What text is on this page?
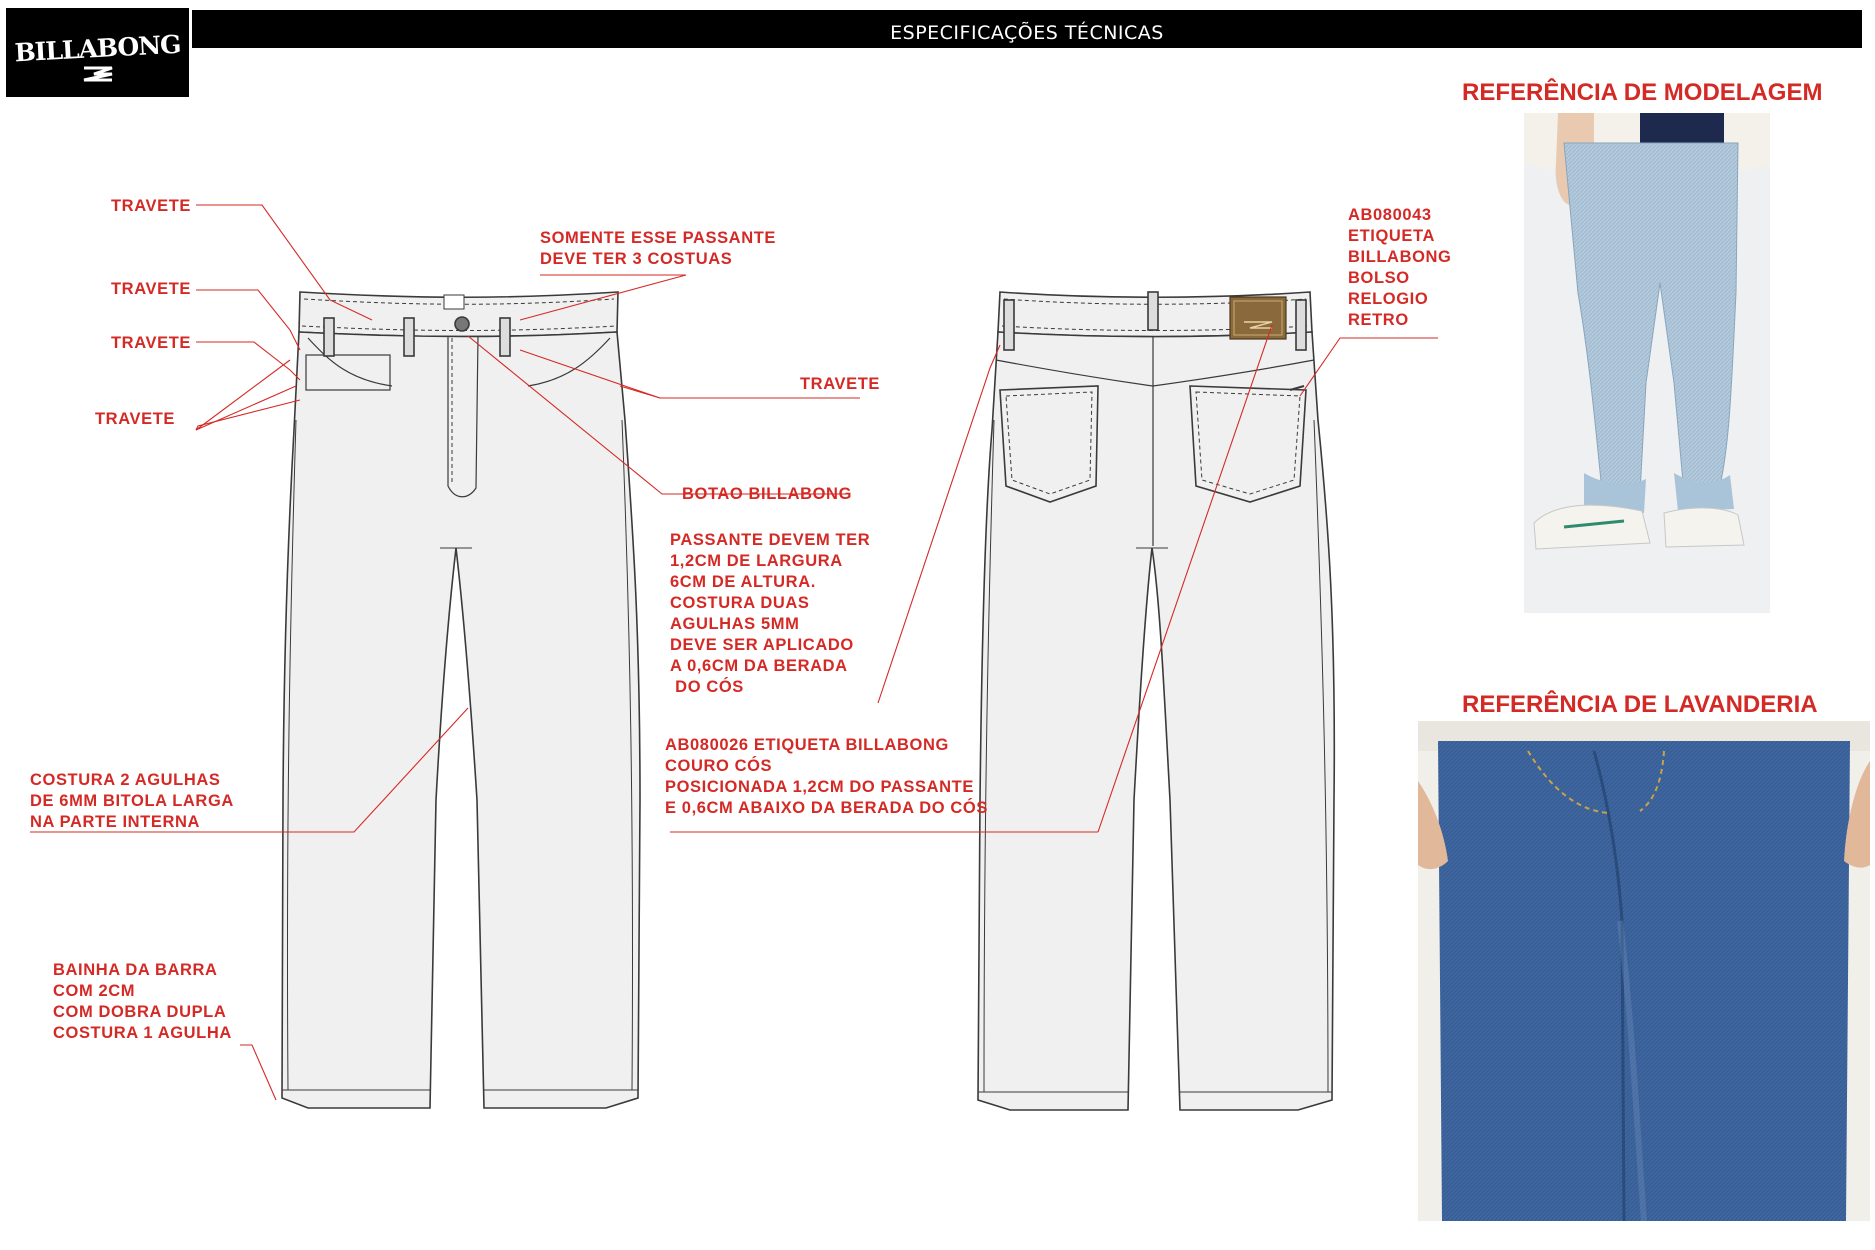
BILLABONG	ESPECIFICAÇÕES TÉCNICAS
TRAVETE
TRAVETE
TRAVETE
TRAVETE
SOMENTE ESSE PASSANTE
DEVE TER 3 COSTUAS
TRAVETE
BOTAO BILLABONG
PASSANTE DEVEM TER
1,2CM DE LARGURA
6CM DE ALTURA.
COSTURA DUAS
AGULHAS 5MM
DEVE SER APLICADO
A 0,6CM DA BERADA
DO CÓS
AB080043
ETIQUETA
BILLABONG
BOLSO
RELOGIO
RETRO
AB080026 ETIQUETA BILLABONG
COURO CÓS
POSICIONADA 1,2CM DO PASSANTE
E 0,6CM ABAIXO DA BERADA DO CÓS
COSTURA 2 AGULHAS
DE 6MM BITOLA LARGA
NA PARTE INTERNA
BAINHA DA BARRA
COM 2CM
COM DOBRA DUPLA
COSTURA 1 AGULHA
REFERÊNCIA DE MODELAGEM
REFERÊNCIA DE LAVANDERIA
